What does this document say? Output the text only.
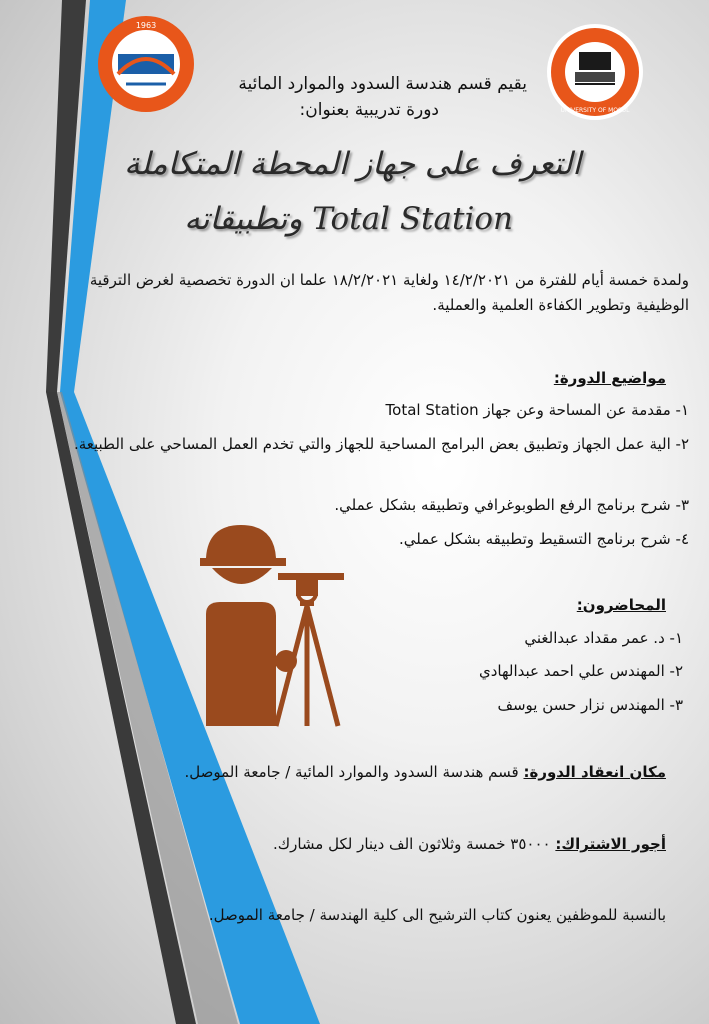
1963
UNIVERSITY OF MOSUL
يقيم قسم هندسة السدود والموارد المائية
دورة تدريبية بعنوان:
التعرف على جهاز المحطة المتكاملة
Total Station وتطبيقاته
ولمدة خمسة أيام للفترة من ١٤/٢/٢٠٢١ ولغاية ١٨/٢/٢٠٢١ علما ان الدورة تخصصية لغرض الترقية الوظيفية وتطوير الكفاءة العلمية والعملية.
مواضيع الدورة:
١- مقدمة عن المساحة وعن جهاز Total Station
٢- الية عمل الجهاز وتطبيق بعض البرامج المساحية للجهاز والتي تخدم العمل المساحي على الطبيعة.
٣- شرح برنامج الرفع الطوبوغرافي وتطبيقه بشكل عملي.
٤- شرح برنامج التسقيط وتطبيقه بشكل عملي.
المحاضرون:
١- د. عمر مقداد عبدالغني
٢- المهندس علي احمد عبدالهادي
٣- المهندس نزار حسن يوسف
مكان انعقاد الدورة: قسم هندسة السدود والموارد المائية / جامعة الموصل.
أجور الاشتراك: ٣٥٠٠٠ خمسة وثلاثون الف دينار لكل مشارك.
بالنسبة للموظفين يعنون كتاب الترشيح الى كلية الهندسة / جامعة الموصل.
